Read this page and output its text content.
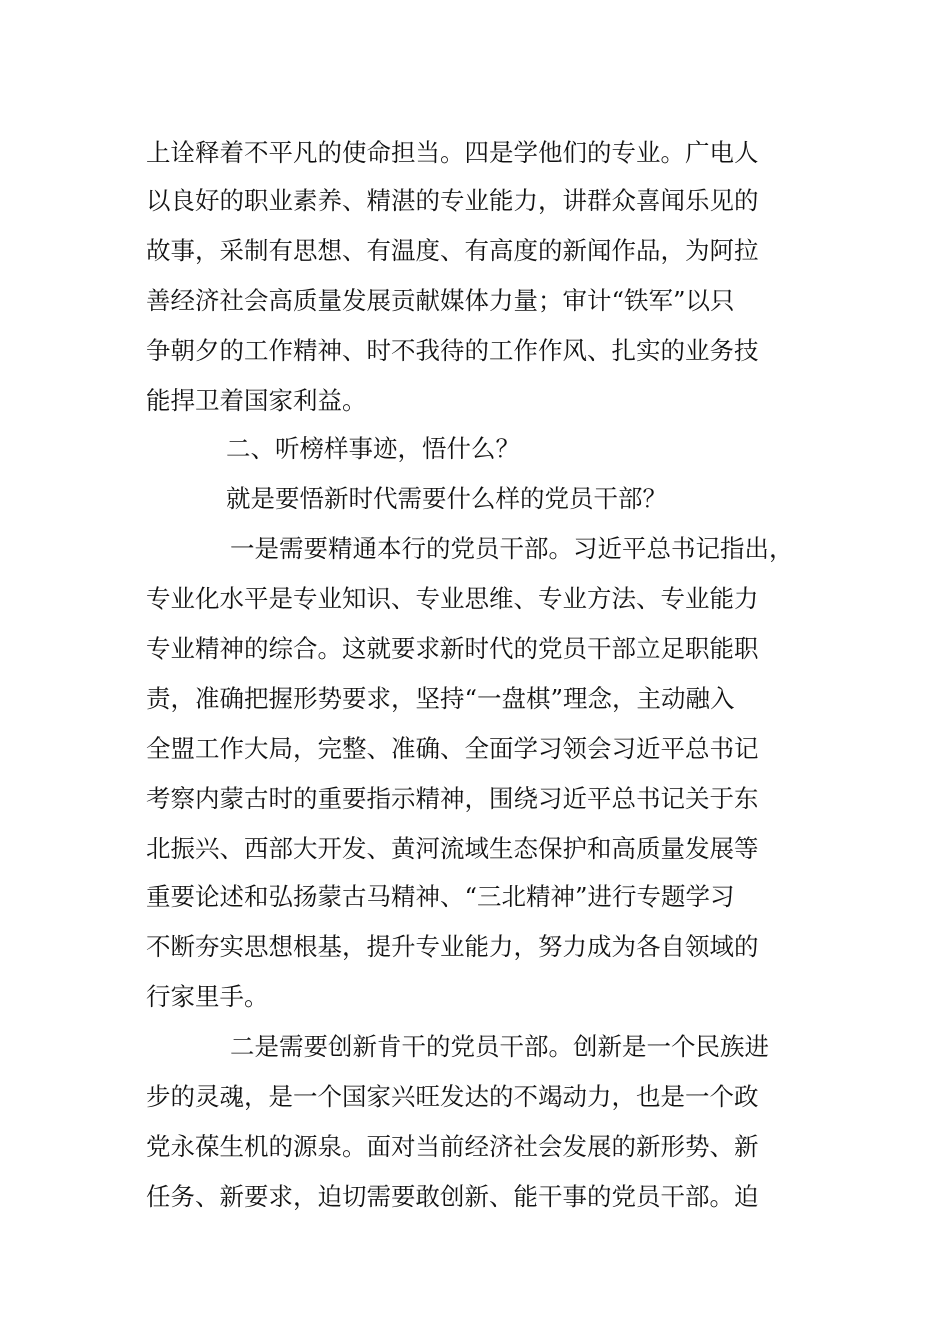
上诠释着不平凡的使命担当。四是学他们的专业。广电人

以良好的职业素养、精湛的专业能力，讲群众喜闻乐见的

故事，采制有思想、有温度、有高度的新闻作品，为阿拉

善经济社会高质量发展贡献媒体力量；审计“铁军”以只

争朝夕的工作精神、时不我待的工作作风、扎实的业务技

能捍卫着国家利益。

二、听榜样事迹，悟什么？

就是要悟新时代需要什么样的党员干部？

一是需要精通本行的党员干部。习近平总书记指出，

专业化水平是专业知识、专业思维、专业方法、专业能力

专业精神的综合。这就要求新时代的党员干部立足职能职

责，准确把握形势要求，坚持“一盘棋”理念，主动融入

全盟工作大局，完整、准确、全面学习领会习近平总书记

考察内蒙古时的重要指示精神，围绕习近平总书记关于东

北振兴、西部大开发、黄河流域生态保护和高质量发展等

重要论述和弘扬蒙古马精神、“三北精神”进行专题学习

不断夯实思想根基，提升专业能力，努力成为各自领域的

行家里手。

二是需要创新肯干的党员干部。创新是一个民族进

步的灵魂，是一个国家兴旺发达的不竭动力，也是一个政

党永葆生机的源泉。面对当前经济社会发展的新形势、新

任务、新要求，迫切需要敢创新、能干事的党员干部。迫
